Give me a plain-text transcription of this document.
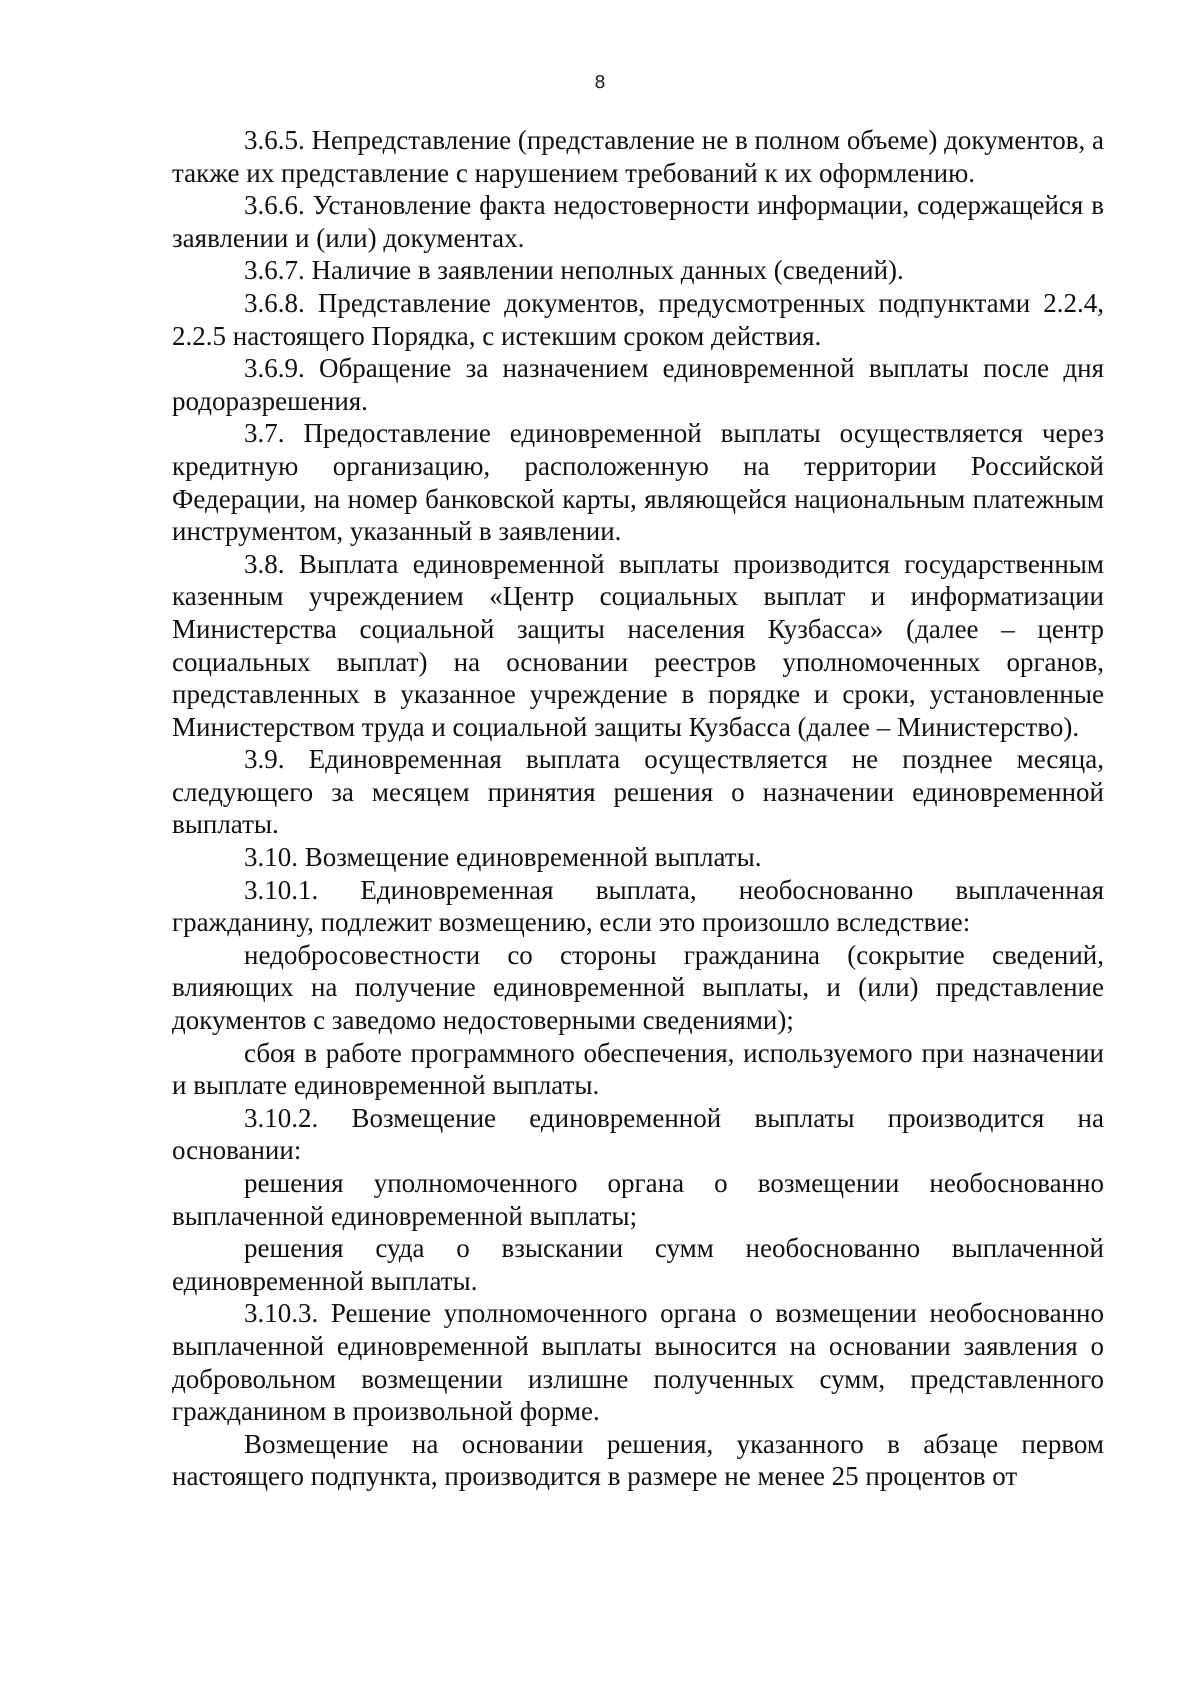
8

3.6.5. Непредставление (представление не в полном объеме) документов, а также их представление с нарушением требований к их оформлению.

3.6.6. Установление факта недостоверности информации, содержащейся в заявлении и (или) документах.

3.6.7. Наличие в заявлении неполных данных (сведений).

3.6.8. Представление документов, предусмотренных подпунктами 2.2.4, 2.2.5 настоящего Порядка, с истекшим сроком действия.

3.6.9. Обращение за назначением единовременной выплаты после дня родоразрешения.

3.7. Предоставление единовременной выплаты осуществляется через кредитную организацию, расположенную на территории Российской Федерации, на номер банковской карты, являющейся национальным платежным инструментом, указанный в заявлении.

3.8. Выплата единовременной выплаты производится государственным казенным учреждением «Центр социальных выплат и информатизации Министерства социальной защиты населения Кузбасса» (далее – центр социальных выплат) на основании реестров уполномоченных органов, представленных в указанное учреждение в порядке и сроки, установленные Министерством труда и социальной защиты Кузбасса (далее – Министерство).

3.9. Единовременная выплата осуществляется не позднее месяца, следующего за месяцем принятия решения о назначении единовременной выплаты.

3.10. Возмещение единовременной выплаты.

3.10.1. Единовременная выплата, необоснованно выплаченная гражданину, подлежит возмещению, если это произошло вследствие:

недобросовестности со стороны гражданина (сокрытие сведений, влияющих на получение единовременной выплаты, и (или) представление документов с заведомо недостоверными сведениями);

сбоя в работе программного обеспечения, используемого при назначении и выплате единовременной выплаты.

3.10.2. Возмещение единовременной выплаты производится на основании:

решения уполномоченного органа о возмещении необоснованно выплаченной единовременной выплаты;

решения суда о взыскании сумм необоснованно выплаченной единовременной выплаты.

3.10.3. Решение уполномоченного органа о возмещении необоснованно выплаченной единовременной выплаты выносится на основании заявления о добровольном возмещении излишне полученных сумм, представленного гражданином в произвольной форме.

Возмещение на основании решения, указанного в абзаце первом настоящего подпункта, производится в размере не менее 25 процентов от
